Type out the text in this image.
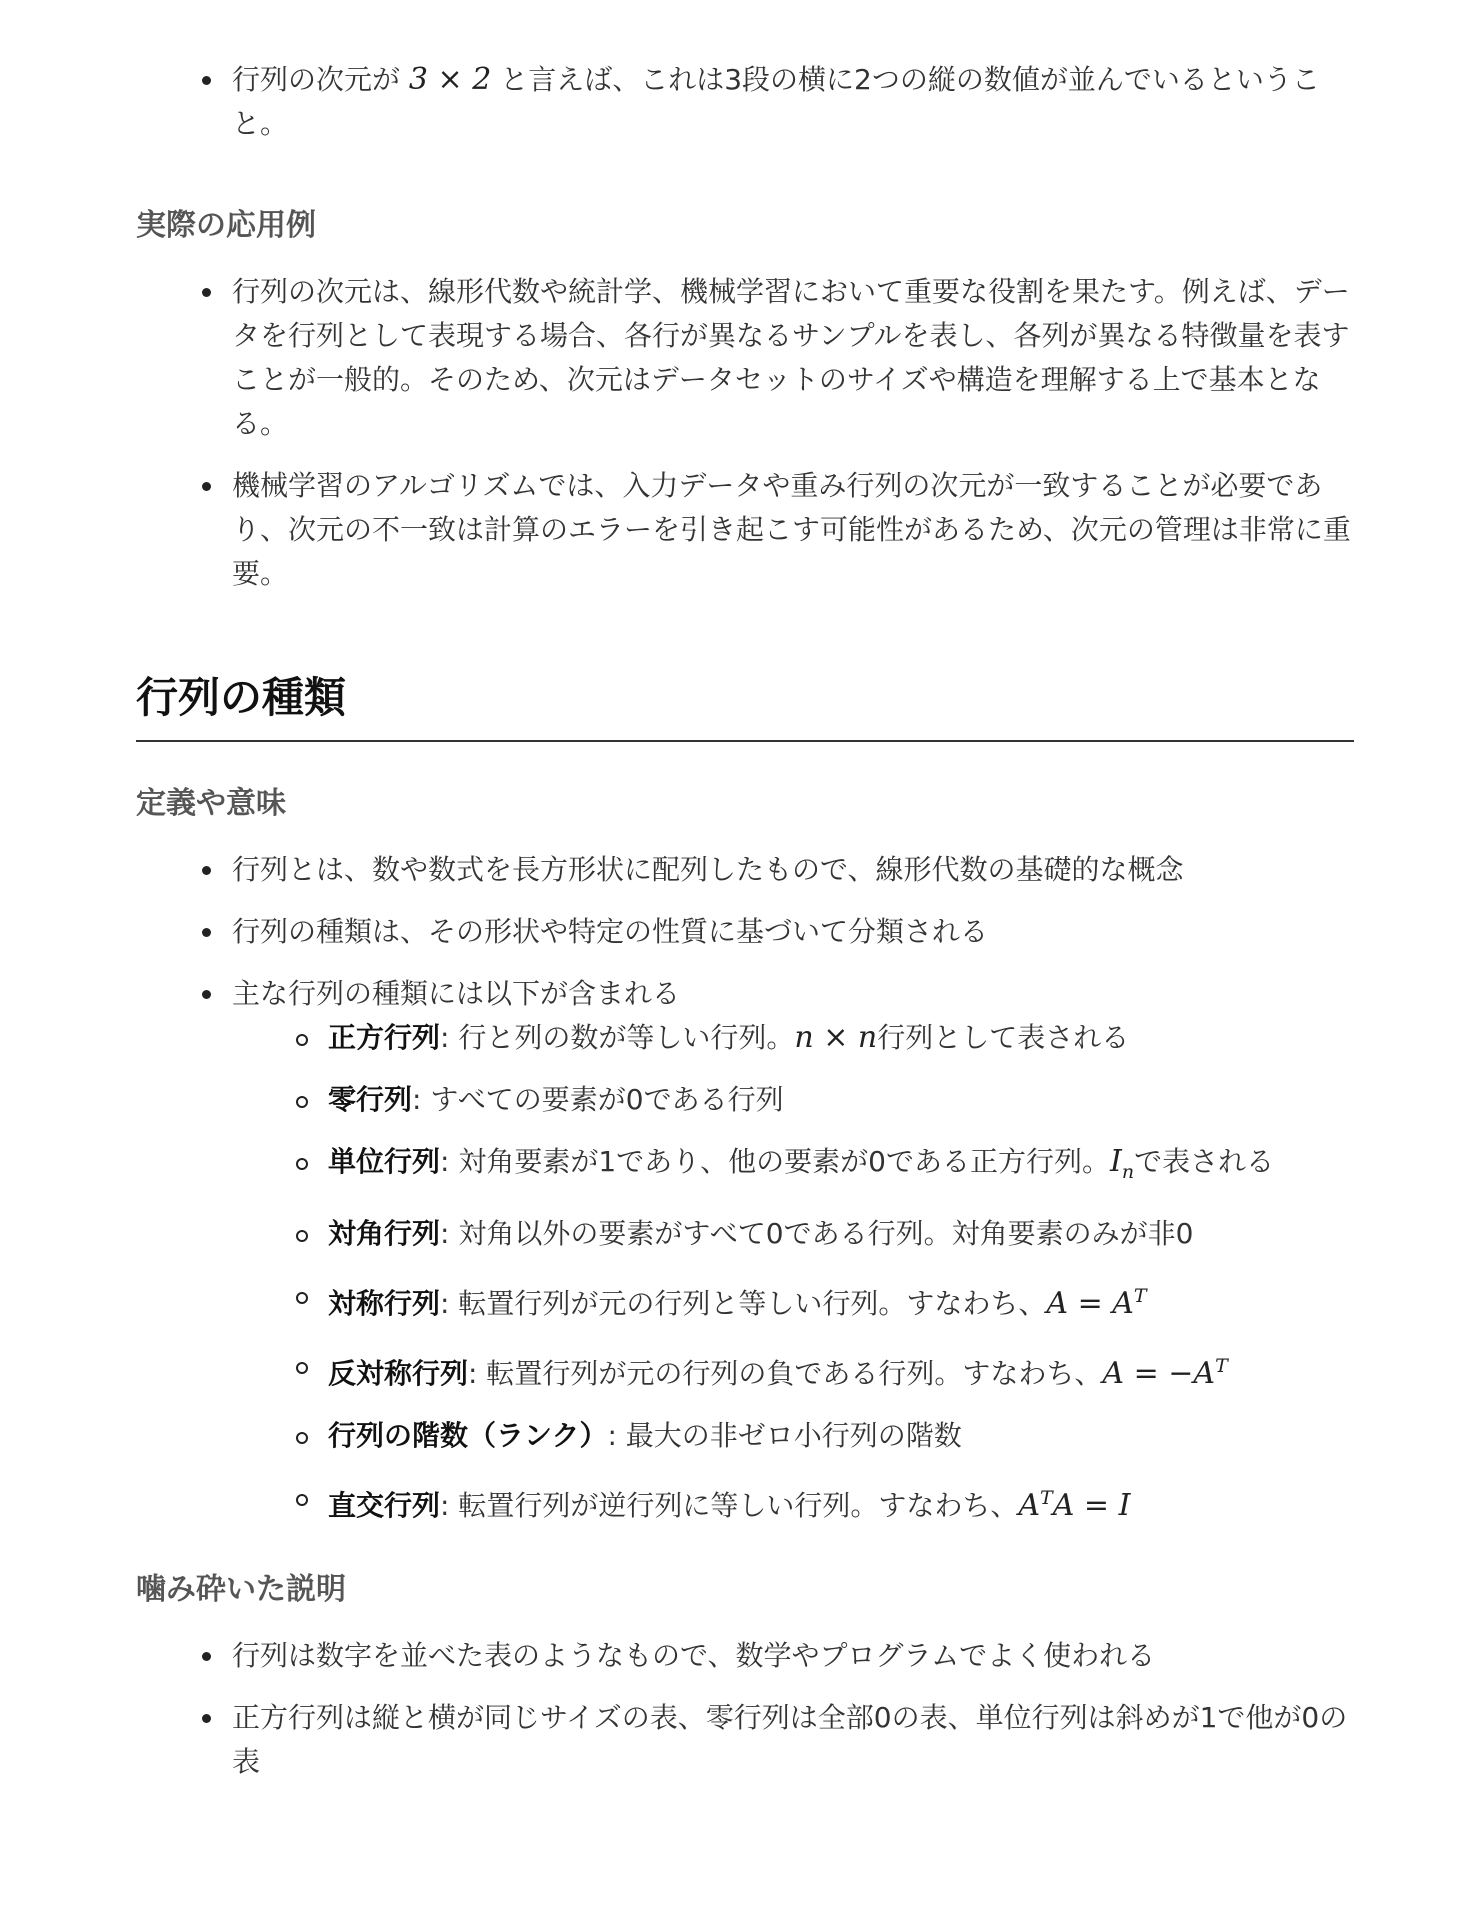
行列の次元が 3 × 2 と言えば、これは3段の横に2つの縦の数値が並んでいるということ。
実際の応用例
行列の次元は、線形代数や統計学、機械学習において重要な役割を果たす。例えば、データを行列として表現する場合、各行が異なるサンプルを表し、各列が異なる特徴量を表すことが一般的。そのため、次元はデータセットのサイズや構造を理解する上で基本となる。
機械学習のアルゴリズムでは、入力データや重み行列の次元が一致することが必要であり、次元の不一致は計算のエラーを引き起こす可能性があるため、次元の管理は非常に重要。
行列の種類
定義や意味
行列とは、数や数式を長方形状に配列したもので、線形代数の基礎的な概念
行列の種類は、その形状や特定の性質に基づいて分類される
主な行列の種類には以下が含まれる
正方行列: 行と列の数が等しい行列。n × n行列として表される
零行列: すべての要素が0である行列
単位行列: 対角要素が1であり、他の要素が0である正方行列。$I_n$で表される
対角行列: 対角以外の要素がすべて0である行列。対角要素のみが非0
対称行列: 転置行列が元の行列と等しい行列。すなわち、$A = A^T$
反対称行列: 転置行列が元の行列の負である行列。すなわち、$A = -A^T$
行列の階数（ランク）: 最大の非ゼロ小行列の階数
直交行列: 転置行列が逆行列に等しい行列。すなわち、$A^TA = I$
噛み砕いた説明
行列は数字を並べた表のようなもので、数学やプログラムでよく使われる
正方行列は縦と横が同じサイズの表、零行列は全部0の表、単位行列は斜めが1で他が0の表
